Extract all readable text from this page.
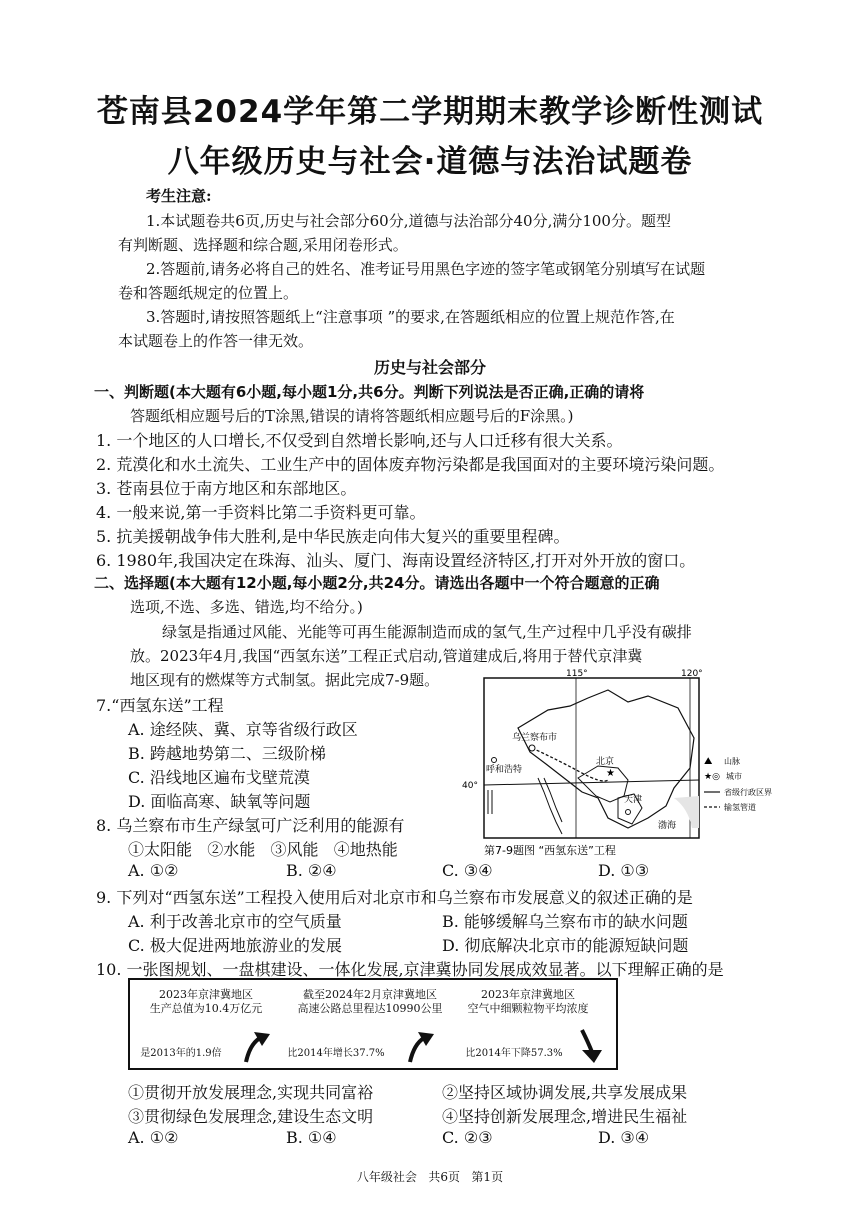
苍南县2024学年第二学期期末教学诊断性测试
八年级历史与社会·道德与法治试题卷
考生注意:
1.本试题卷共6页,历史与社会部分60分,道德与法治部分40分,满分100分。题型
有判断题、选择题和综合题,采用闭卷形式。
2.答题前,请务必将自己的姓名、准考证号用黑色字迹的签字笔或钢笔分别填写在试题
卷和答题纸规定的位置上。
3.答题时,请按照答题纸上“注意事项 ”的要求,在答题纸相应的位置上规范作答,在
本试题卷上的作答一律无效。
历史与社会部分
一、判断题(本大题有6小题,每小题1分,共6分。判断下列说法是否正确,正确的请将
答题纸相应题号后的T涂黑,错误的请将答题纸相应题号后的F涂黑。)
1. 一个地区的人口增长,不仅受到自然增长影响,还与人口迁移有很大关系。
2. 荒漠化和水土流失、工业生产中的固体废弃物污染都是我国面对的主要环境污染问题。
3. 苍南县位于南方地区和东部地区。
4. 一般来说,第一手资料比第二手资料更可靠。
5. 抗美援朝战争伟大胜利,是中华民族走向伟大复兴的重要里程碑。
6. 1980年,我国决定在珠海、汕头、厦门、海南设置经济特区,打开对外开放的窗口。
二、选择题(本大题有12小题,每小题2分,共24分。请选出各题中一个符合题意的正确
选项,不选、多选、错选,均不给分。)
绿氢是指通过风能、光能等可再生能源制造而成的氢气,生产过程中几乎没有碳排
放。2023年4月,我国“西氢东送”工程正式启动,管道建成后,将用于替代京津冀
地区现有的燃煤等方式制氢。据此完成7-9题。
7.“西氢东送”工程
A. 途经陕、冀、京等省级行政区
B. 跨越地势第二、三级阶梯
C. 沿线地区遍布戈壁荒漠
D. 面临高寒、缺氧等问题
8. 乌兰察布市生产绿氢可广泛利用的能源有
①太阳能   ②水能   ③风能   ④地热能
A. ①②	B. ②④	C. ③④	D. ①③
115°	120°
40°
乌兰察布市
呼和浩特	★
北京
天津
渤海
⛰ 山脉
★◎ 城市
省级行政区界
输氢管道
第7-9题图 “西氢东送”工程
9. 下列对“西氢东送”工程投入使用后对北京市和乌兰察布市发展意义的叙述正确的是
A. 利于改善北京市的空气质量	B. 能够缓解乌兰察布市的缺水问题
C. 极大促进两地旅游业的发展	D. 彻底解决北京市的能源短缺问题
10. 一张图规划、一盘棋建设、一体化发展,京津冀协同发展成效显著。以下理解正确的是
2023年京津冀地区
生产总值为10.4万亿元
是2013年的1.9倍
截至2024年2月京津冀地区
高速公路总里程达10990公里
比2014年增长37.7%
2023年京津冀地区
空气中细颗粒物平均浓度
比2014年下降57.3%
①贯彻开放发展理念,实现共同富裕	②坚持区域协调发展,共享发展成果
③贯彻绿色发展理念,建设生态文明	④坚持创新发展理念,增进民生福祉
A. ①②	B. ①④	C. ②③	D. ③④
八年级社会   共6页   第1页
